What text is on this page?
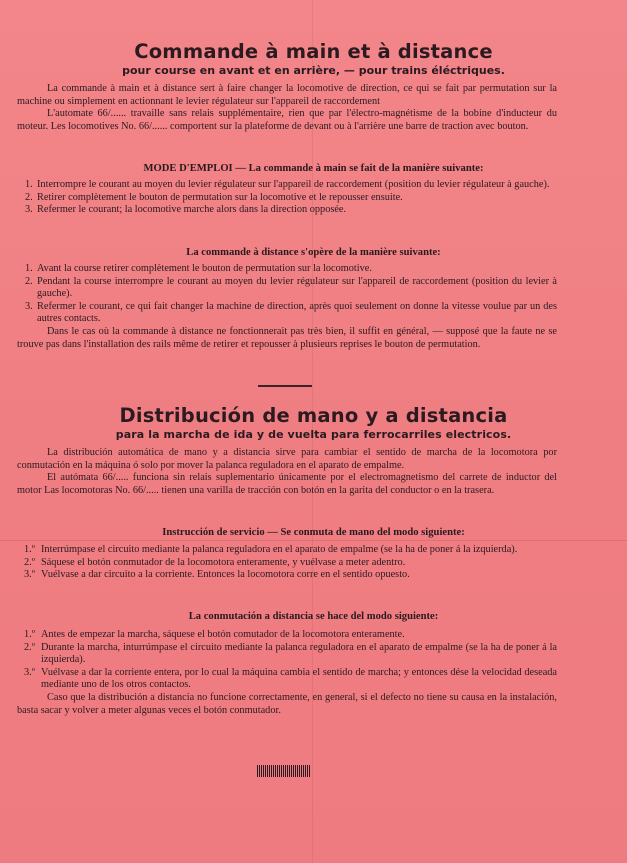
Commande à main et à distance
pour course en avant et en arrière, — pour trains éléctriques.

La commande à main et à distance sert à faire changer la locomotive de direction, ce qui se fait par permutation sur la machine ou simplement en actionnant le levier régulateur sur l'appareil de raccordement

L'automate 66/...... travaille sans relais supplémentaire, rien que par l'électro-magnétisme de la bobine d'inducteur du moteur. Les locomotives No. 66/...... comportent sur la plateforme de devant ou à l'arrière une barre de traction avec bouton.

MODE D'EMPLOI — La commande à main se fait de la manière suivante:
1. Interrompre le courant au moyen du levier régulateur sur l'appareil de raccordement (position du levier régulateur à gauche).
2. Retirer complètement le bouton de permutation sur la locomotive et le repousser ensuite.
3. Refermer le courant; la locomotive marche alors dans la direction opposée.
La commande à distance s'opère de la manière suivante:
1. Avant la course retirer complètement le bouton de permutation sur la locomotive.
2. Pendant la course interrompre le courant au moyen du levier régulateur sur l'appareil de raccordement (position du levier à gauche).
3. Refermer le courant, ce qui fait changer la machine de direction, après quoi seulement on donne la vitesse voulue par un des autres contacts.

Dans le cas où la commande à distance ne fonctionnerait pas très bien, il suffit en général, — supposé que la faute ne se trouve pas dans l'installation des rails même de retirer et repousser à plusieurs reprises le bouton de permutation.

Distribución de mano y a distancia
para la marcha de ida y de vuelta para ferrocarriles electricos.

La distribución automática de mano y a distancia sirve para cambiar el sentido de marcha de la locomotora por conmutación en la máquina ó solo por mover la palanca reguladora en el aparato de empalme.

El autómata 66/..... funciona sin relais suplementario únicamente por el electromagnetismo del carrete de inductor del motor Las locomotoras No. 66/..... tienen una varilla de tracción con botón en la garita del conductor o en la trasera.

Instrucción de servicio — Se conmuta de mano del modo siguiente:
1.º Interrúmpase el circuito mediante la palanca reguladora en el aparato de empalme (se la ha de poner á la izquierda).
2.º Sáquese el botón conmutador de la locomotora enteramente, y vuélvase a meter adentro.
3.º Vuélvase a dar circuito a la corriente. Entonces la locomotora corre en el sentido opuesto.
La conmutación a distancia se hace del modo siguiente:
1.º Antes de empezar la marcha, sáquese el botón comutador de la locomotora enteramente.
2.º Durante la marcha, inturrúmpase el circuito mediante la palanca reguladora en el aparato de empalme (se la ha de poner á la izquierda).
3.º Vuélvase a dar la corriente entera, por lo cual la máquina cambia el sentido de marcha; y entonces dése la velocidad deseada mediante uno de los otros contactos.

Caso que la distribución a distancia no funcione correctamente, en general, si el defecto no tiene su causa en la instalación, basta sacar y volver a meter algunas veces el botón conmutador.
